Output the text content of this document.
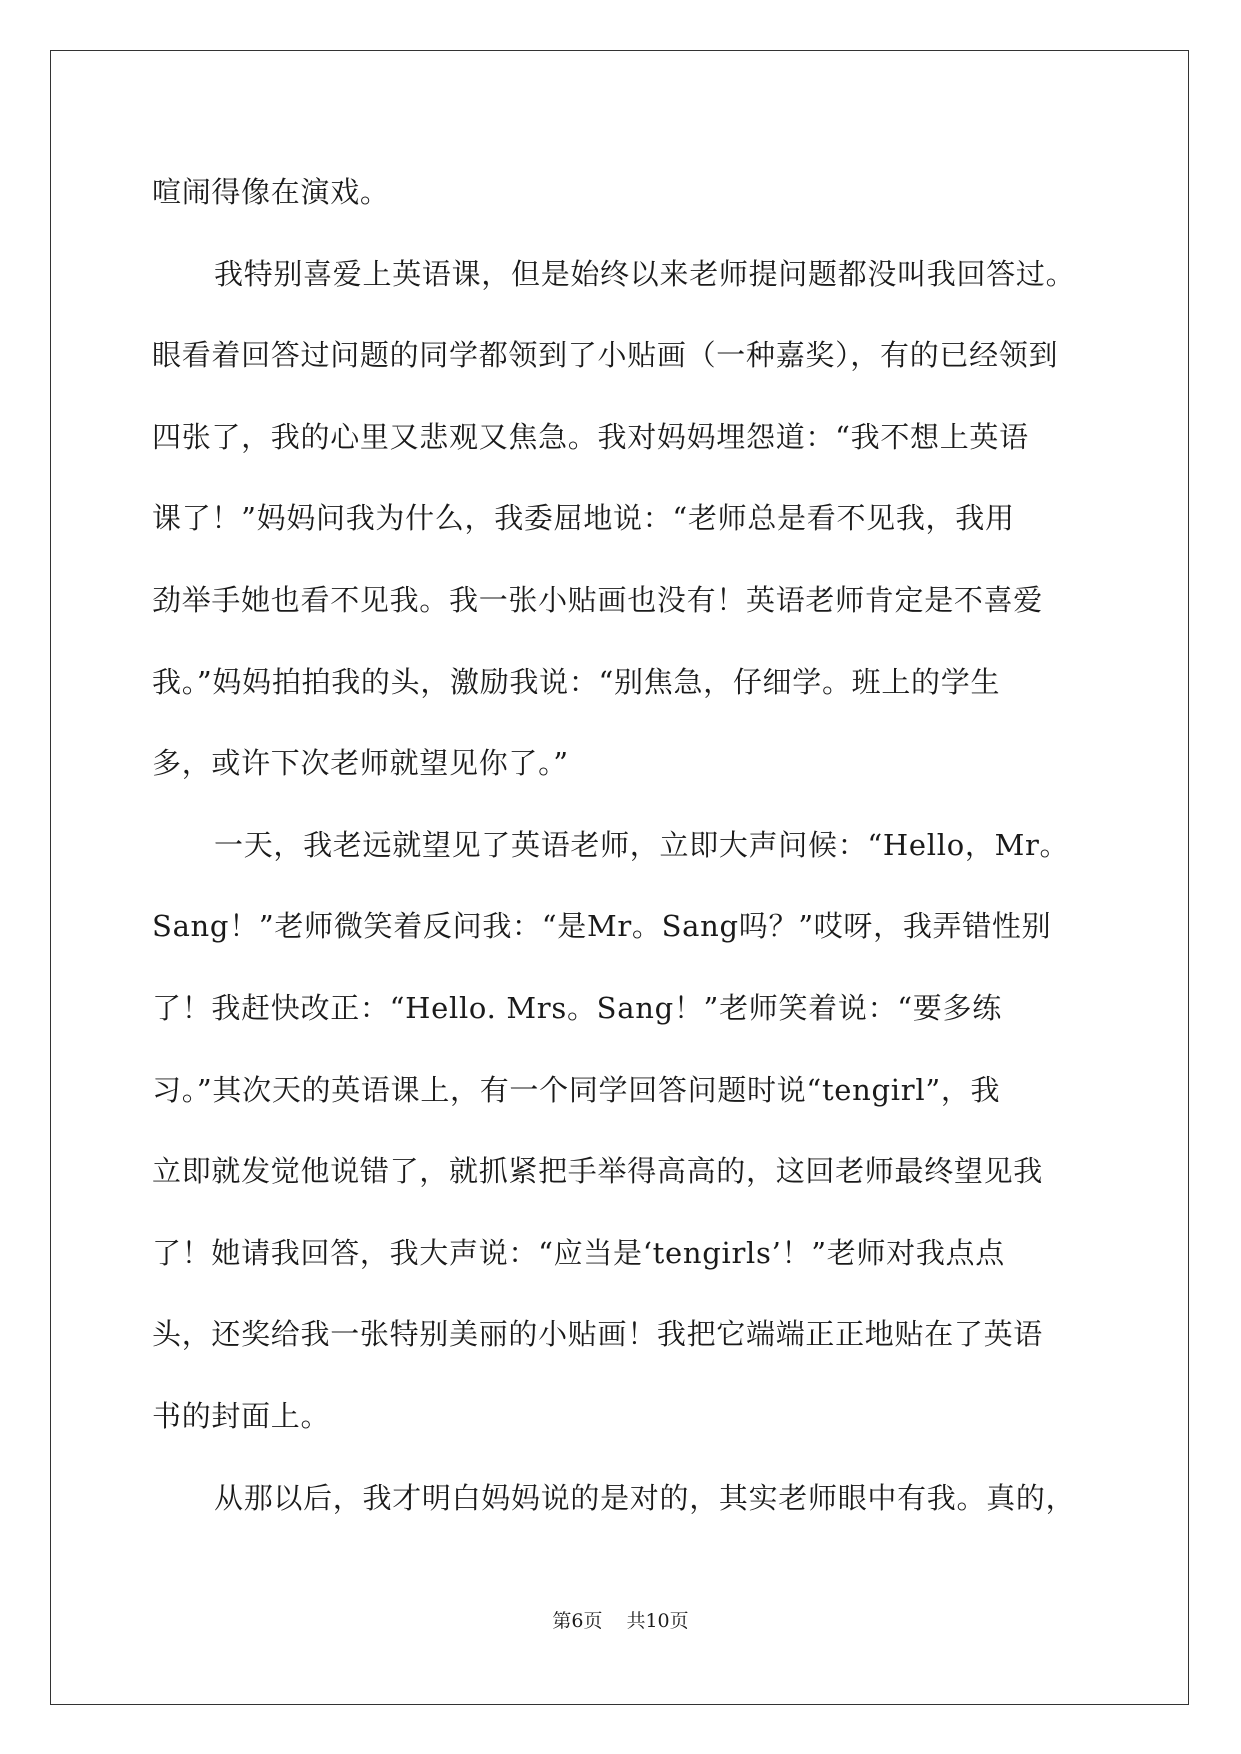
喧闹得像在演戏。
我特别喜爱上英语课，但是始终以来老师提问题都没叫我回答过。
眼看着回答过问题的同学都领到了小贴画（一种嘉奖），有的已经领到
四张了，我的心里又悲观又焦急。我对妈妈埋怨道：“我不想上英语
课了！”妈妈问我为什么，我委屈地说：“老师总是看不见我，我用
劲举手她也看不见我。我一张小贴画也没有！英语老师肯定是不喜爱
我。”妈妈拍拍我的头，激励我说：“别焦急，仔细学。班上的学生
多，或许下次老师就望见你了。”
一天，我老远就望见了英语老师，立即大声问候：“Hello，Mr。
Sang！”老师微笑着反问我：“是Mr。Sang吗？”哎呀，我弄错性别
了！我赶快改正：“Hello. Mrs。Sang！”老师笑着说：“要多练
习。”其次天的英语课上，有一个同学回答问题时说“tengirl”，我
立即就发觉他说错了，就抓紧把手举得高高的，这回老师最终望见我
了！她请我回答，我大声说：“应当是‘tengirls’！”老师对我点点
头，还奖给我一张特别美丽的小贴画！我把它端端正正地贴在了英语
书的封面上。
从那以后，我才明白妈妈说的是对的，其实老师眼中有我。真的，
第6页 共10页
